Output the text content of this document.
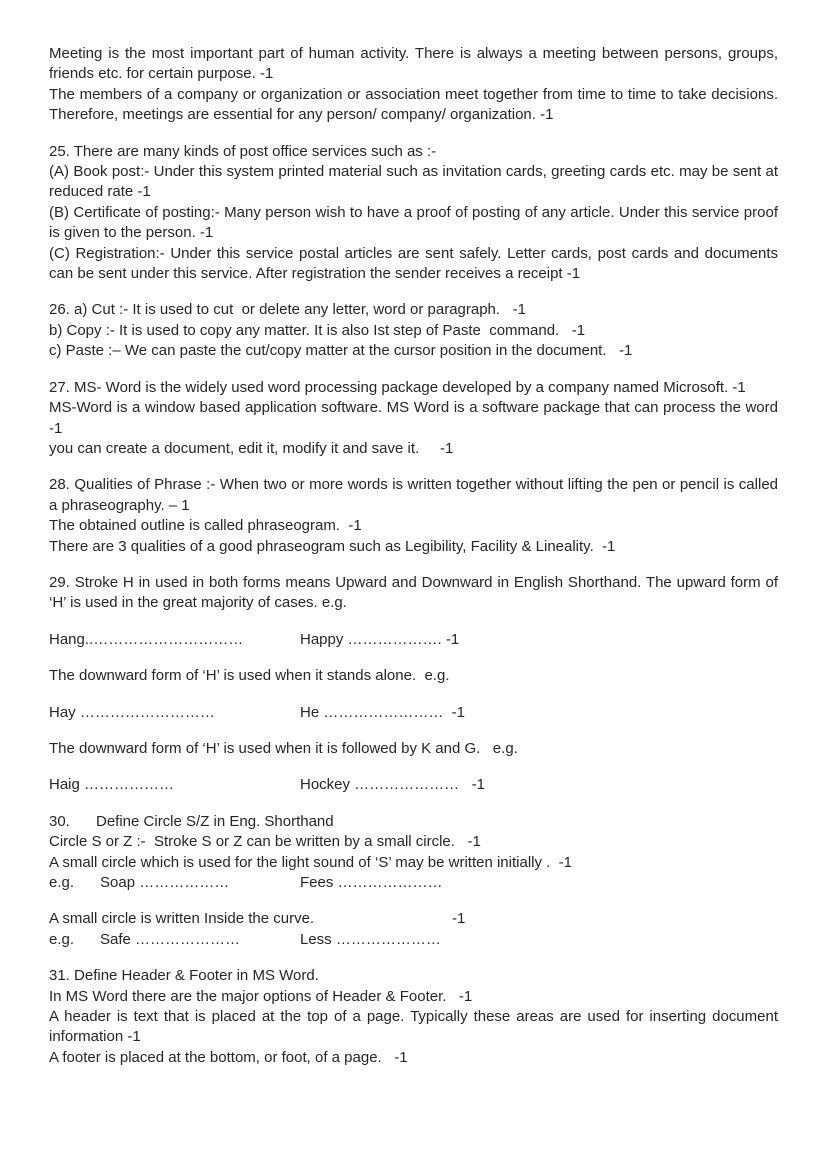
Meeting is the most important part of human activity. There is always a meeting between persons, groups, friends etc. for certain purpose. -1

The members of a company or organization or association meet together from time to time to take decisions. Therefore, meetings are essential for any person/ company/ organization. -1

25. There are many kinds of post office services such as :-

(A) Book post:- Under this system printed material such as invitation cards, greeting cards etc. may be sent at reduced rate -1

(B) Certificate of posting:- Many person wish to have a proof of posting of any article. Under this service proof is given to the person. -1

(C) Registration:- Under this service postal articles are sent safely. Letter cards, post cards and documents can be sent under this service. After registration the sender receives a receipt -1

26. a) Cut :- It is used to cut  or delete any letter, word or paragraph.   -1

b) Copy :- It is used to copy any matter. It is also Ist step of Paste  command.   -1

c) Paste :– We can paste the cut/copy matter at the cursor position in the document.   -1

27. MS- Word is the widely used word processing package developed by a company named Microsoft. -1

MS-Word is a window based application software. MS Word is a software package that can process the word -1

you can create a document, edit it, modify it and save it.     -1

28. Qualities of Phrase :- When two or more words is written together without lifting the pen or pencil is called a phraseography. – 1

The obtained outline is called phraseogram.  -1

There are 3 qualities of a good phraseogram such as Legibility, Facility & Lineality.  -1

29. Stroke H in used in both forms means Upward and Downward in English Shorthand. The upward form of ‘H’ is used in the great majority of cases. e.g.

Hang..…………………………	Happy ………………. -1

The downward form of ‘H’ is used when it stands alone.  e.g.

Hay ………………………	He ……………………  -1

The downward form of ‘H’ is used when it is followed by K and G.   e.g.

Haig ………………	Hockey …………………   -1

30. Define Circle S/Z in Eng. Shorthand

Circle S or Z :-  Stroke S or Z can be written by a small circle.   -1

A small circle which is used for the light sound of ‘S’ may be written initially .  -1

e.g. Soap ………………	Fees …………………

A small circle is written Inside the curve.	-1

e.g. Safe …………………	Less …………………

31. Define Header & Footer in MS Word.

In MS Word there are the major options of Header & Footer.   -1

A header is text that is placed at the top of a page. Typically these areas are used for inserting document information -1

A footer is placed at the bottom, or foot, of a page.   -1
